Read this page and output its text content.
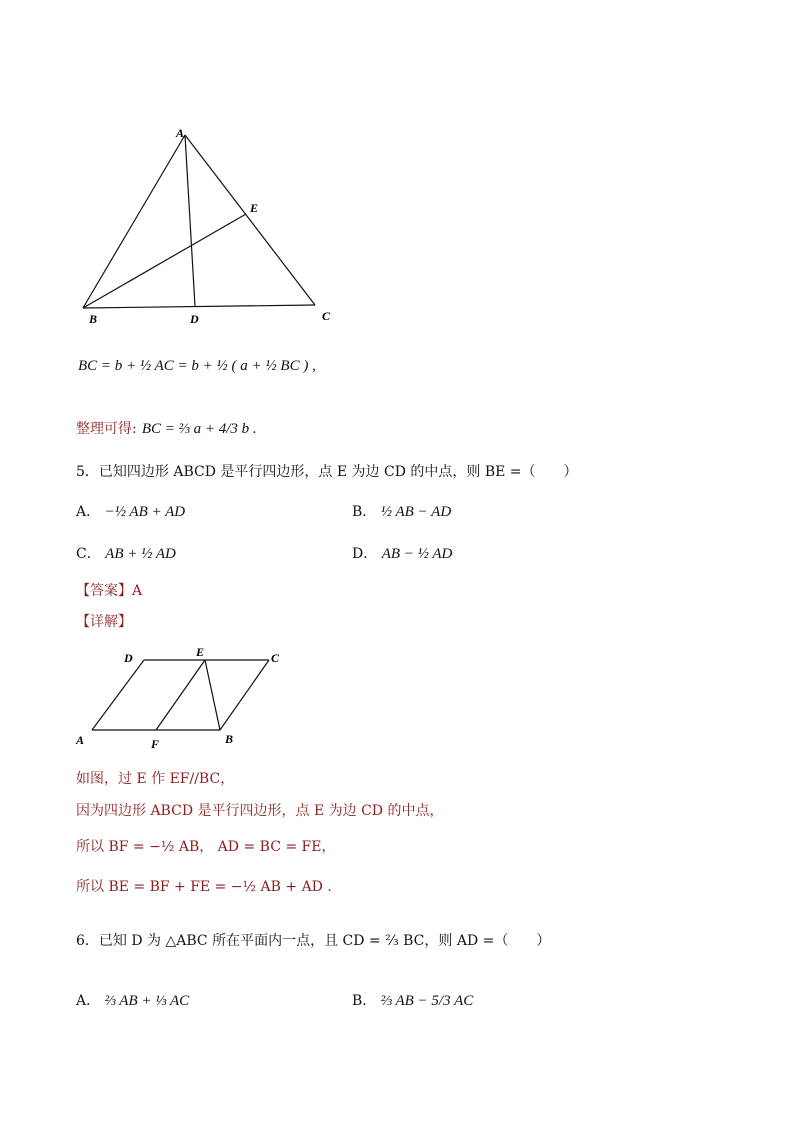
A
B	C
D
E
BC = b + ½ AC = b + ½ ( a + ½ BC ) ,
整理可得: BC = ⅔ a + 4/3 b .
5．已知四边形 ABCD 是平行四边形，点 E 为边 CD 的中点，则 BE =（　　）
A． −½ AB + AD	B． ½ AB − AD
C． AB + ½ AD	D． AB − ½ AD
【答案】A
【详解】
D	E	C
A	F	B
如图，过 E 作 EF//BC，
因为四边形 ABCD 是平行四边形，点 E 为边 CD 的中点，
所以 BF = −½ AB， AD = BC = FE，
所以 BE = BF + FE = −½ AB + AD .
6．已知 D 为 △ABC 所在平面内一点，且 CD = ⅔ BC，则 AD =（　　）
A． ⅔ AB + ⅓ AC	B． ⅔ AB − 5/3 AC
